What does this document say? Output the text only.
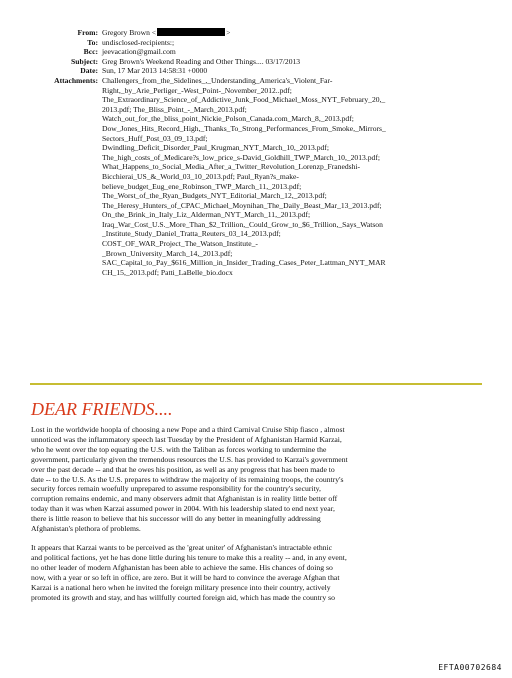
From: Gregory Brown <	>
To: undisclosed-recipients:;
Bcc: jeevacation@gmail.com
Subject: Greg Brown's Weekend Reading and Other Things.... 03/17/2013
Date: Sun, 17 Mar 2013 14:58:31 +0000
Attachments: Challengers_from_the_Sidelines_,_Understanding_America's_Violent_Far-
Right,_by_Arie_Perliger_-West_Point-_November_2012..pdf;
The_Extraordinary_Science_of_Addictive_Junk_Food_Michael_Moss_NYT_February_20,_
2013.pdf; The_Bliss_Point_-_March_2013.pdf;
Watch_out_for_the_bliss_point_Nickie_Polson_Canada.com_March_8,_2013.pdf;
Dow_Jones_Hits_Record_High,_Thanks_To_Strong_Performances_From_Smoke,_Mirrors_
Sectors_Huff_Post_03_09_13.pdf;
Dwindling_Deficit_Disorder_Paul_Krugman_NYT_March_10,_2013.pdf;
The_high_costs_of_Medicare?s_low_price_s-David_Goldhill_TWP_March_10,_2013.pdf;
What_Happens_to_Social_Media_After_a_Twitter_Revolution_Lorenzp_Franedshi-
Bicchierai_US_&_World_03_10_2013.pdf; Paul_Ryan?s_make-
believe_budget_Eug_ene_Robinson_TWP_March_11,_2013.pdf;
The_Worst_of_the_Ryan_Budgets_NYT_Editorial_March_12,_2013.pdf;
The_Heresy_Hunters_of_CPAC_Michael_Moynihan_The_Daily_Beast_Mar_13_2013.pdf;
On_the_Brink_in_Italy_Liz_Alderman_NYT_March_11,_2013.pdf;
Iraq_War_Cost_U.S._More_Than_$2_Trillion,_Could_Grow_to_$6_Trillion,_Says_Watson
_Institute_Study_Daniel_Tratta_Reuters_03_14_2013.pdf;
COST_OF_WAR_Project_The_Watson_Institute_-
_Brown_University_March_14,_2013.pdf;
SAC_Capital_to_Pay_$616_Million_in_Insider_Trading_Cases_Peter_Lattman_NYT_MAR
CH_15,_2013.pdf; Patti_LaBelle_bio.docx
DEAR FRIENDS....

Lost in the worldwide hoopla of choosing a new Pope and a third Carnival Cruise Ship fiasco , almost
unnoticed was the inflammatory speech last Tuesday by the President of Afghanistan Harmid Karzai,
who he went over the top equating the U.S. with the Taliban as forces working to undermine the
government, particularly given the tremendous resources the U.S. has provided to Karzai's government
over the past decade -- and that he owes his position, as well as any progress that has been made to
date -- to the U.S. As the U.S. prepares to withdraw the majority of its remaining troops, the country's
security forces remain woefully unprepared to assume responsibility for the country's security,
corruption remains endemic, and many observers admit that Afghanistan is in reality little better off
today than it was when Karzai assumed power in 2004. With his leadership slated to end next year,
there is little reason to believe that his successor will do any better in meaningfully addressing
Afghanistan's plethora of problems.

It appears that Karzai wants to be perceived as the 'great uniter' of Afghanistan's intractable ethnic
and political factions, yet he has done little during his tenure to make this a reality -- and, in any event,
no other leader of modern Afghanistan has been able to achieve the same. His chances of doing so
now, with a year or so left in office, are zero. But it will be hard to convince the average Afghan that
Karzai is a national hero when he invited the foreign military presence into their country, actively
promoted its growth and stay, and has willfully courted foreign aid, which has made the country so

EFTA00702684
